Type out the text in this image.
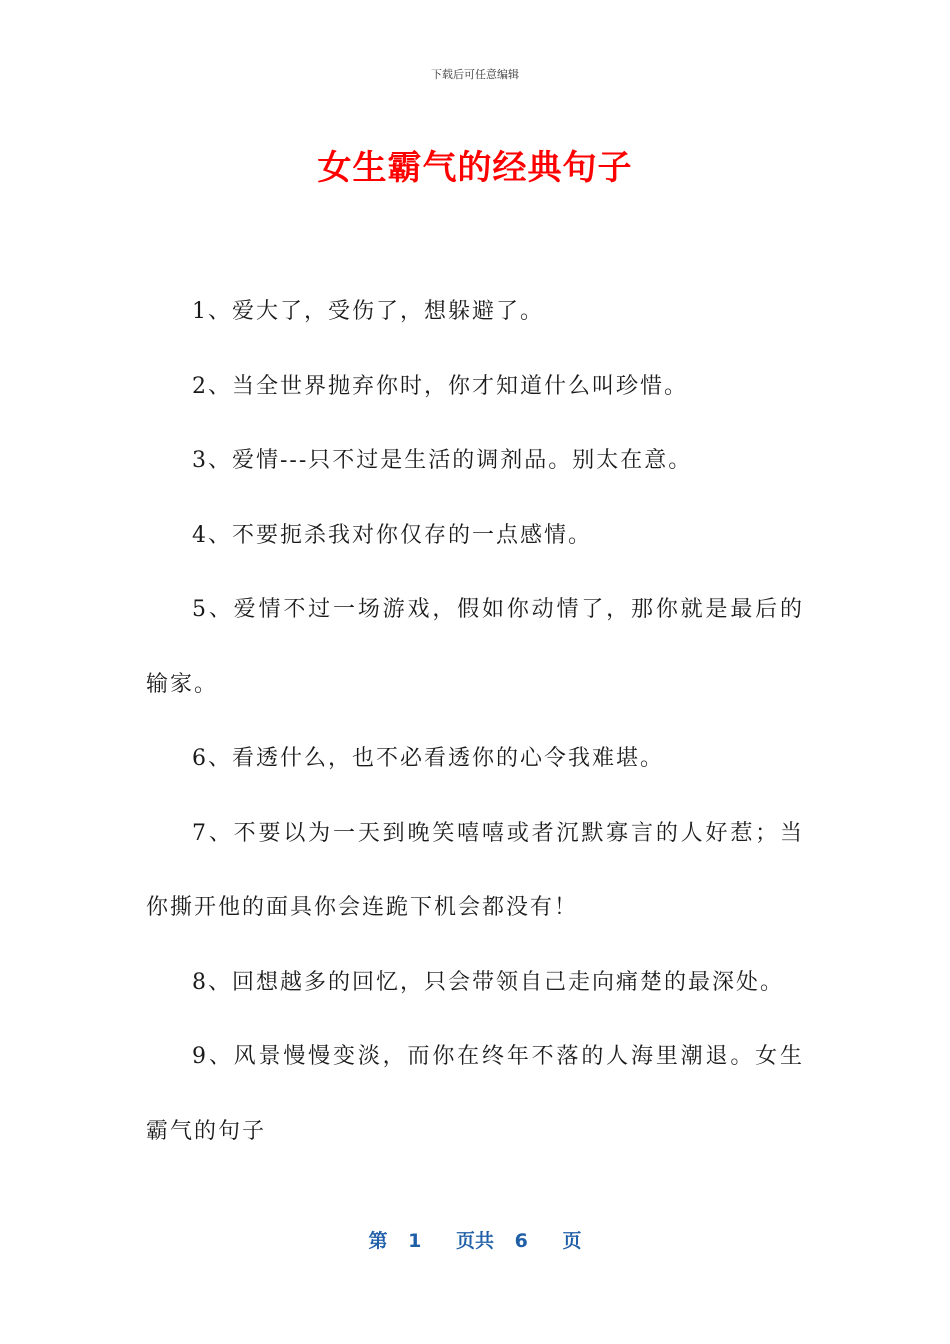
下载后可任意编辑
女生霸气的经典句子

1、爱大了，受伤了，想躲避了。

2、当全世界抛弃你时，你才知道什么叫珍惜。

3、爱情---只不过是生活的调剂品。别太在意。

4、不要扼杀我对你仅存的一点感情。

5、爱情不过一场游戏，假如你动情了，那你就是最后的输家。

6、看透什么，也不必看透你的心令我难堪。

7、不要以为一天到晚笑嘻嘻或者沉默寡言的人好惹；当你撕开他的面具你会连跪下机会都没有！

8、回想越多的回忆，只会带领自己走向痛楚的最深处。

9、风景慢慢变淡，而你在终年不落的人海里潮退。女生霸气的句子

第 1 页共 6 页
